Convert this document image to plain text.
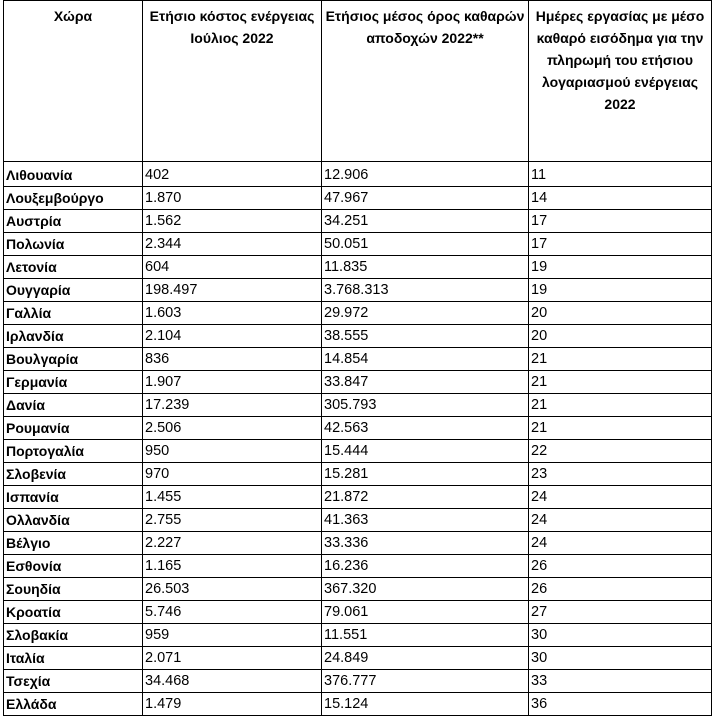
Χώρα	Ετήσιο κόστος ενέργειας Ιούλιος 2022	Ετήσιος μέσος όρος καθαρών αποδοχών 2022**	Ημέρες εργασίας με μέσο καθαρό εισόδημα για την πληρωμή του ετήσιου λογαριασμού ενέργειας 2022
Λιθουανία	402	12.906	11
Λουξεμβούργο	1.870	47.967	14
Αυστρία	1.562	34.251	17
Πολωνία	2.344	50.051	17
Λετονία	604	11.835	19
Ουγγαρία	198.497	3.768.313	19
Γαλλία	1.603	29.972	20
Ιρλανδία	2.104	38.555	20
Βουλγαρία	836	14.854	21
Γερμανία	1.907	33.847	21
Δανία	17.239	305.793	21
Ρουμανία	2.506	42.563	21
Πορτογαλία	950	15.444	22
Σλοβενία	970	15.281	23
Ισπανία	1.455	21.872	24
Ολλανδία	2.755	41.363	24
Βέλγιο	2.227	33.336	24
Εσθονία	1.165	16.236	26
Σουηδία	26.503	367.320	26
Κροατία	5.746	79.061	27
Σλοβακία	959	11.551	30
Ιταλία	2.071	24.849	30
Τσεχία	34.468	376.777	33
Ελλάδα	1.479	15.124	36
